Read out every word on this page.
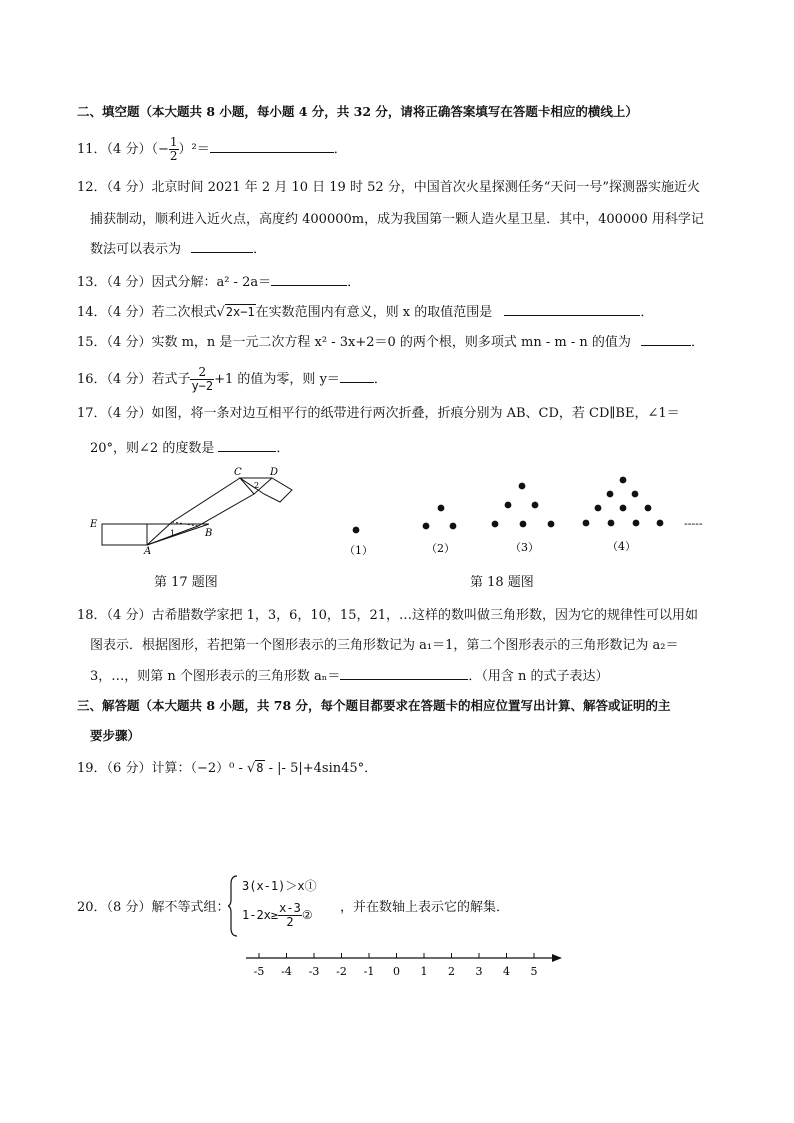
二、填空题（本大题共 8 小题，每小题 4 分，共 32 分，请将正确答案填写在答题卡相应的横线上）
11．（4 分）（− $\frac{1}{2} )^2=$	．
12．（4 分）北京时间 2021 年 2 月 10 日 19 时 52 分，中国首次火星探测任务“天问一号”探测器实施近火
捕获制动，顺利进入近火点，高度约 400000m，成为我国第一颗人造火星卫星．其中，400000 用科学记
数法可以表示为	．
13．（4 分）因式分解：a² - 2a＝	．
14．（4 分）若二次根式√2x−1在实数范围内有意义，则 x 的取值范围是	．
15．（4 分）实数 m，n 是一元二次方程 x² - 3x+2＝0 的两个根，则多项式 mn - m - n 的值为	．
16．（4 分）若式子 $\frac{2}{y-2} +1$ 的值为零，则 y＝	．
17．（4 分）如图，将一条对边互相平行的纸带进行两次折叠，折痕分别为 AB、CD，若 CD∥BE，∠1＝
20°，则∠2 的度数是	．
E
A
B
C	D
1
2
第 17 题图
（1）	（2）	（3）	（4）
-----
第 18 题图
18．（4 分）古希腊数学家把 1，3，6，10，15，21，…这样的数叫做三角形数，因为它的规律性可以用如
图表示．根据图形，若把第一个图形表示的三角形数记为 a₁＝1，第二个图形表示的三角形数记为 a₂＝
3，…，则第 n 个图形表示的三角形数 aₙ＝	．（用含 n 的式子表达）
三、解答题（本大题共 8 小题，共 78 分，每个题目都要求在答题卡的相应位置写出计算、解答或证明的主
要步骤）
19．（6 分）计算：（−2）⁰ - √8 - |- 5|+4sin45°．
20．（8 分）解不等式组：
3(x-1)＞x①
$1-2x\ge \frac{x-3}{2}$ ② ，并在数轴上表示它的解集．
-5 -4 -3 -2 -1 0 1 2 3 4 5
